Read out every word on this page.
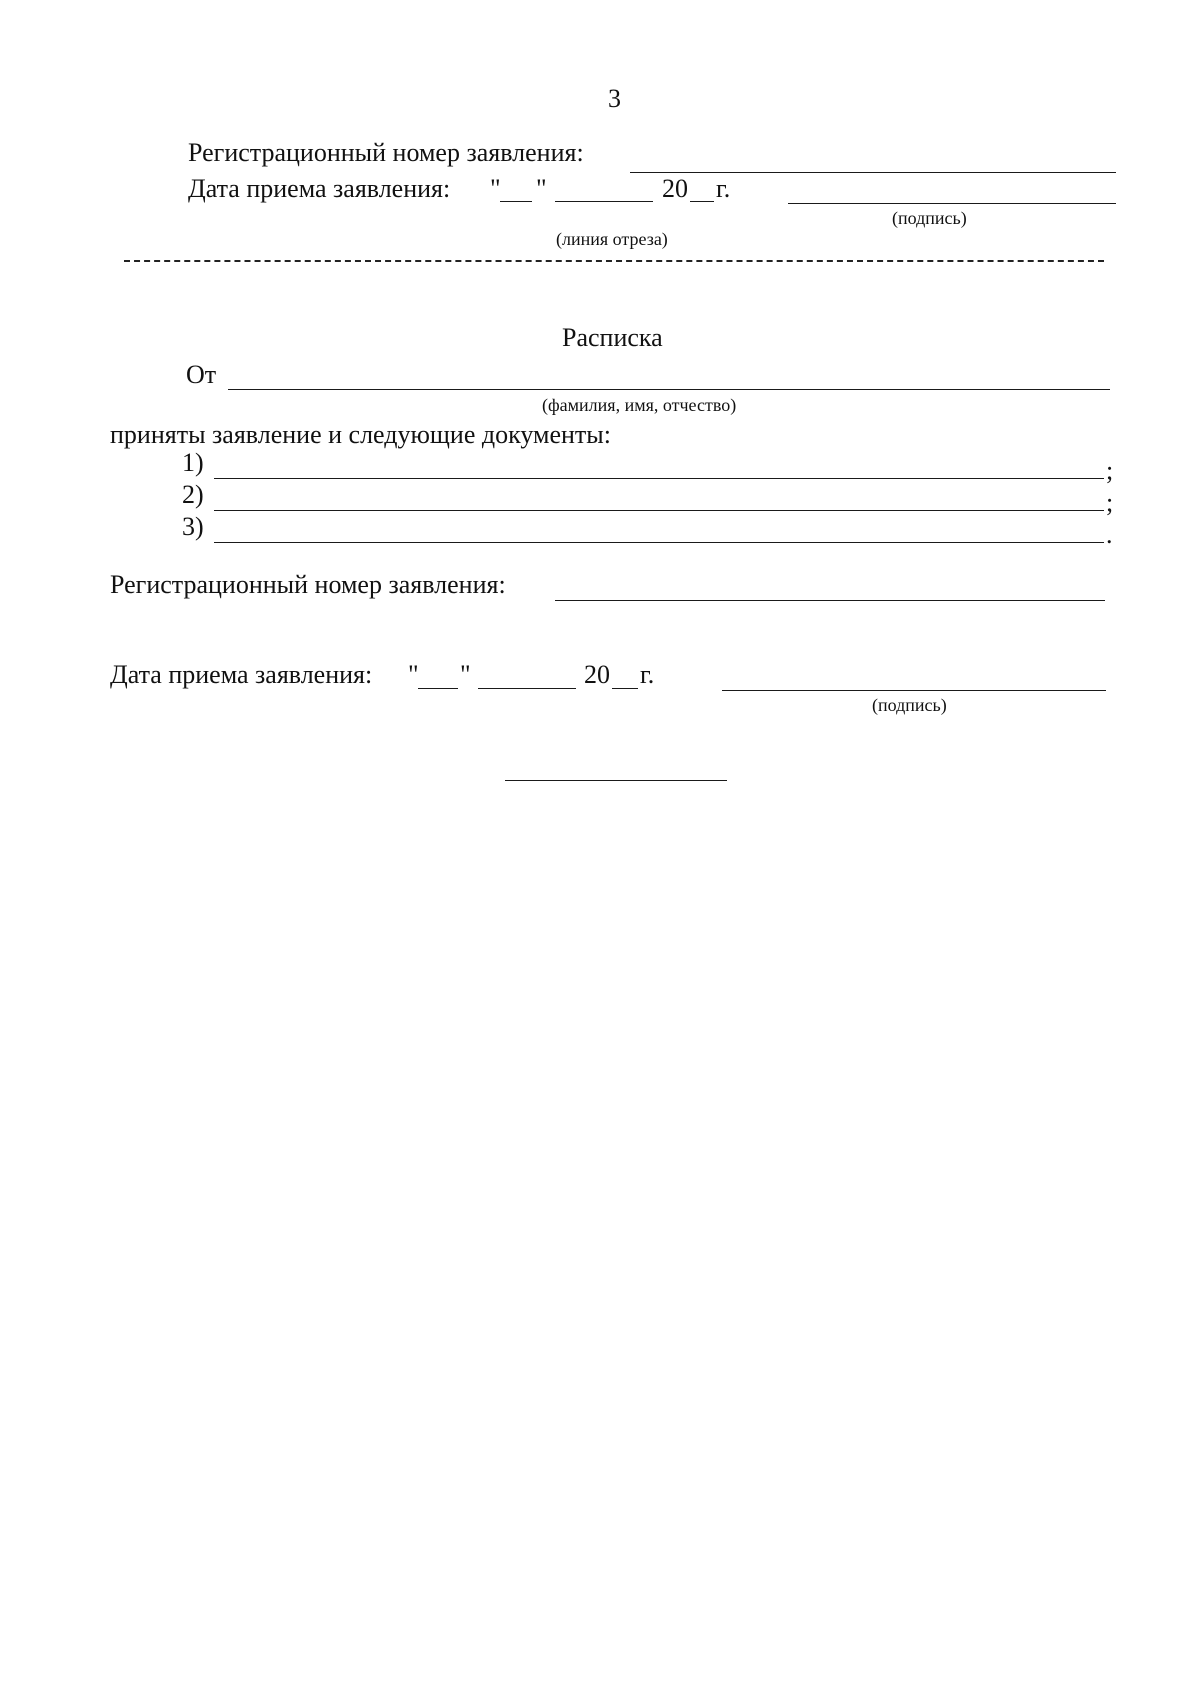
3
Регистрационный номер заявления:
Дата приема заявления: " "	20 г.
(подпись)
(линия отреза)
Расписка
От
(фамилия, имя, отчество)
приняты заявление и следующие документы:
1)	;
2)	;
3)	.
Регистрационный номер заявления:
Дата приема заявления: " "	20 г.
(подпись)
